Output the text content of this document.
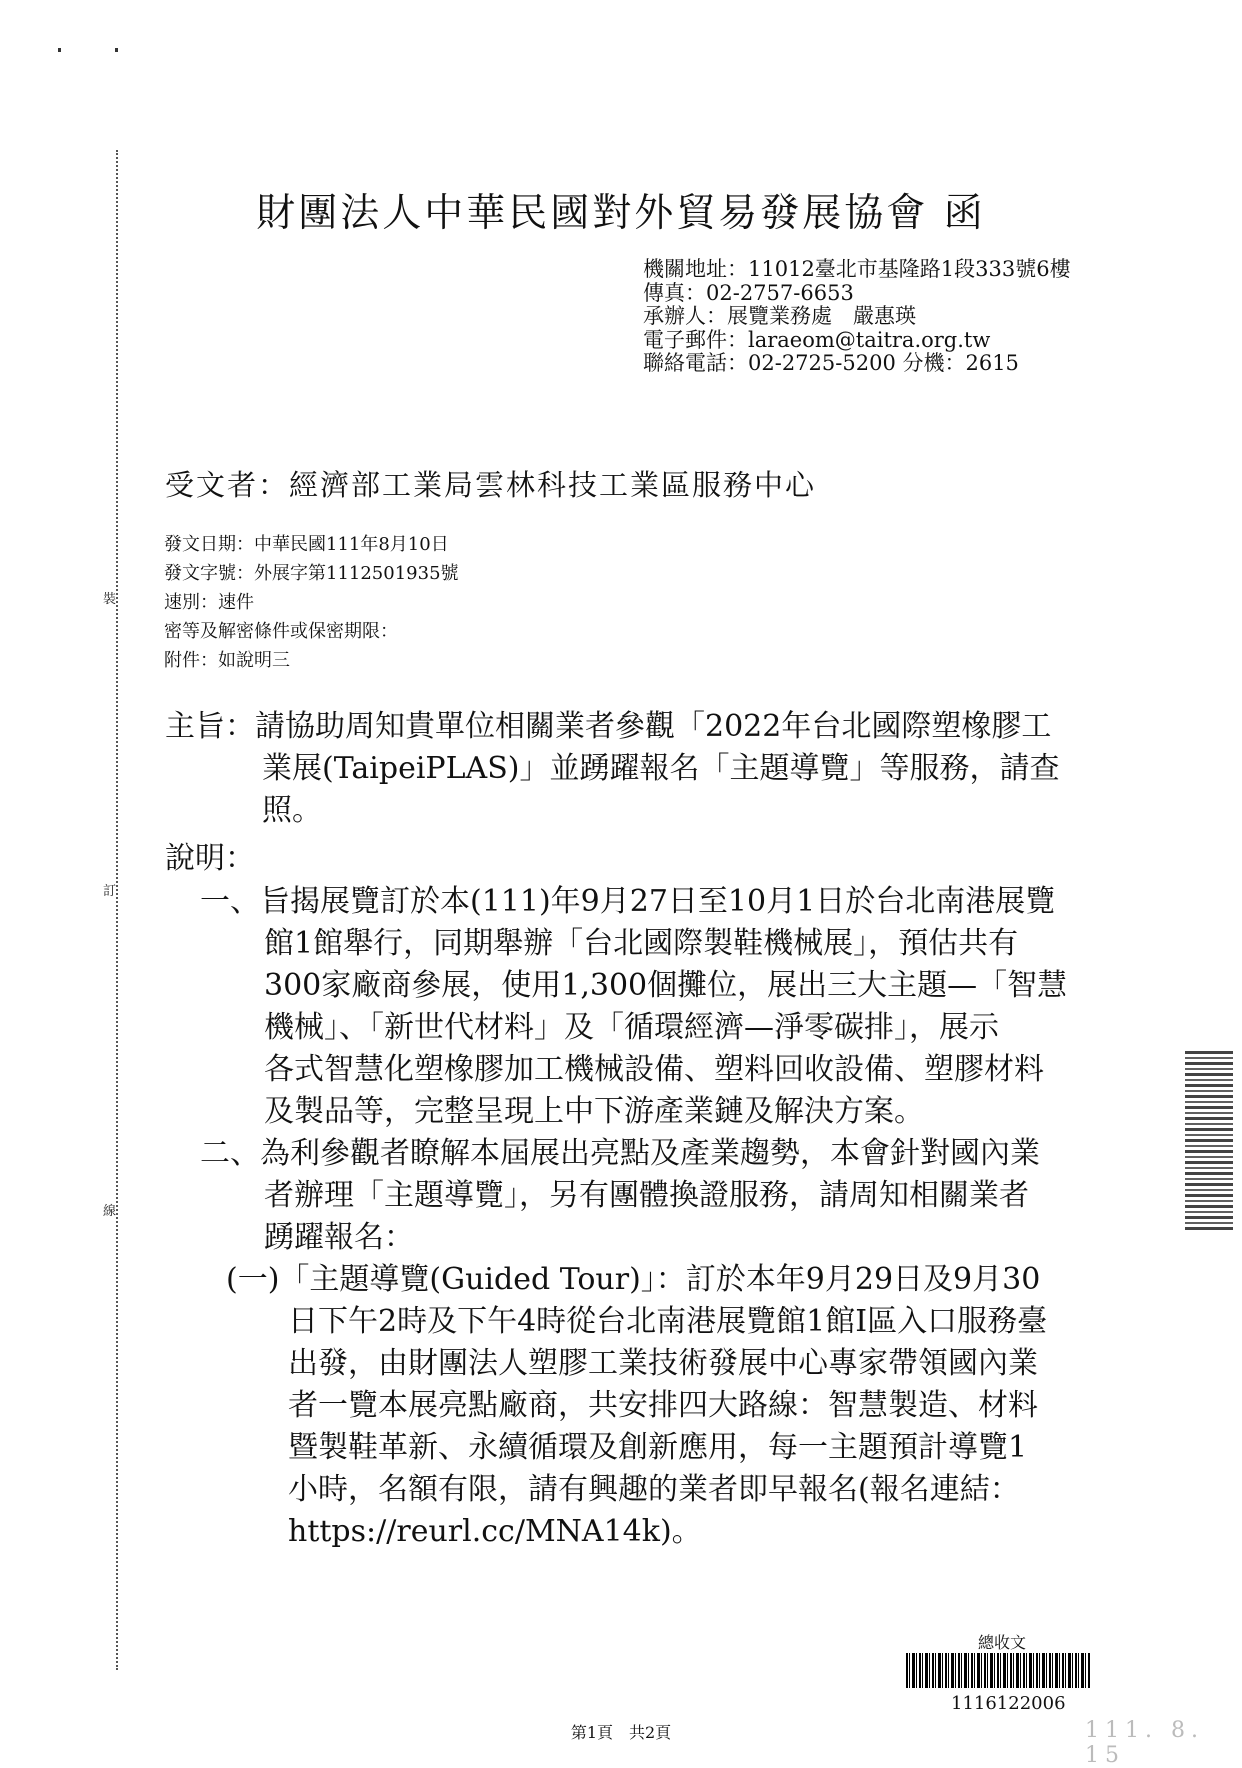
裝
訂
線
財團法人中華民國對外貿易發展協會 函
機關地址：11012臺北市基隆路1段333號6樓
傳真：02-2757-6653
承辦人：展覽業務處　嚴惠瑛
電子郵件：laraeom@taitra.org.tw
聯絡電話：02-2725-5200 分機：2615
受文者：經濟部工業局雲林科技工業區服務中心
發文日期：中華民國111年8月10日
發文字號：外展字第1112501935號
速別：速件
密等及解密條件或保密期限：
附件：如說明三
主旨：請協助周知貴單位相關業者參觀「2022年台北國際塑橡膠工
業展(TaipeiPLAS)」並踴躍報名「主題導覽」等服務，請查
照。
說明：
一、旨揭展覽訂於本(111)年9月27日至10月1日於台北南港展覽
館1館舉行，同期舉辦「台北國際製鞋機械展」，預估共有
300家廠商參展，使用1,300個攤位，展出三大主題—「智慧
機械」、「新世代材料」及「循環經濟—淨零碳排」，展示
各式智慧化塑橡膠加工機械設備、塑料回收設備、塑膠材料
及製品等，完整呈現上中下游產業鏈及解決方案。
二、為利參觀者瞭解本屆展出亮點及產業趨勢，本會針對國內業
者辦理「主題導覽」，另有團體換證服務，請周知相關業者
踴躍報名：
(一)「主題導覽(Guided Tour)」：訂於本年9月29日及9月30
日下午2時及下午4時從台北南港展覽館1館I區入口服務臺
出發，由財團法人塑膠工業技術發展中心專家帶領國內業
者一覽本展亮點廠商，共安排四大路線：智慧製造、材料
暨製鞋革新、永續循環及創新應用，每一主題預計導覽1
小時，名額有限，請有興趣的業者即早報名(報名連結：
https://reurl.cc/MNA14k)。
總收文
1116122006
第1頁　共2頁	111. 8. 15
